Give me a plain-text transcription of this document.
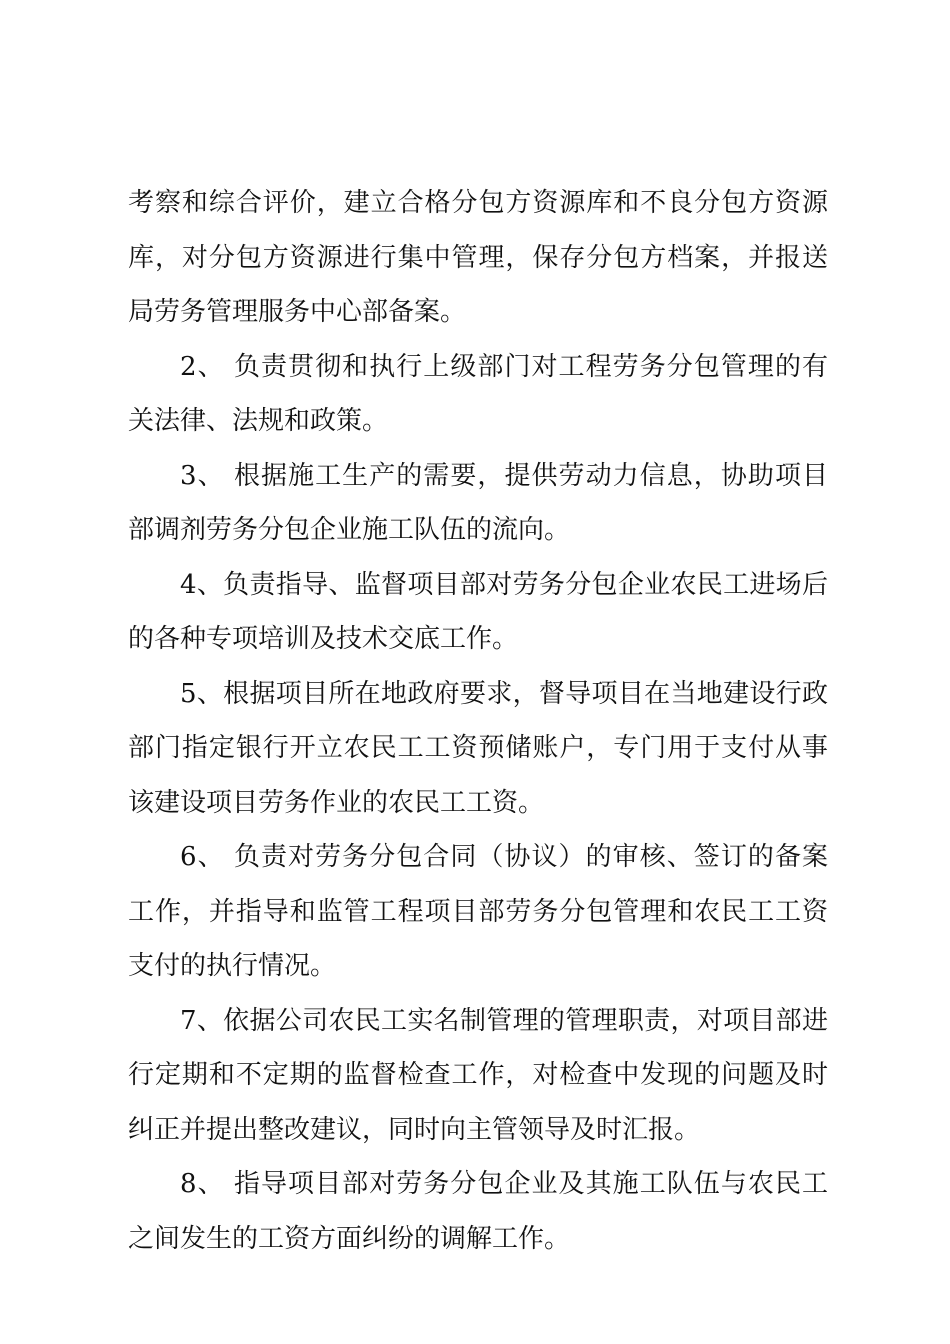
考察和综合评价，建立合格分包方资源库和不良分包方资源库，对分包方资源进行集中管理，保存分包方档案，并报送局劳务管理服务中心部备案。

2、 负责贯彻和执行上级部门对工程劳务分包管理的有关法律、法规和政策。

3、 根据施工生产的需要，提供劳动力信息，协助项目部调剂劳务分包企业施工队伍的流向。

4、负责指导、监督项目部对劳务分包企业农民工进场后的各种专项培训及技术交底工作。

5、根据项目所在地政府要求，督导项目在当地建设行政部门指定银行开立农民工工资预储账户，专门用于支付从事该建设项目劳务作业的农民工工资。

6、 负责对劳务分包合同（协议）的审核、签订的备案工作，并指导和监管工程项目部劳务分包管理和农民工工资支付的执行情况。

7、依据公司农民工实名制管理的管理职责，对项目部进行定期和不定期的监督检查工作，对检查中发现的问题及时纠正并提出整改建议，同时向主管领导及时汇报。

8、 指导项目部对劳务分包企业及其施工队伍与农民工之间发生的工资方面纠纷的调解工作。
